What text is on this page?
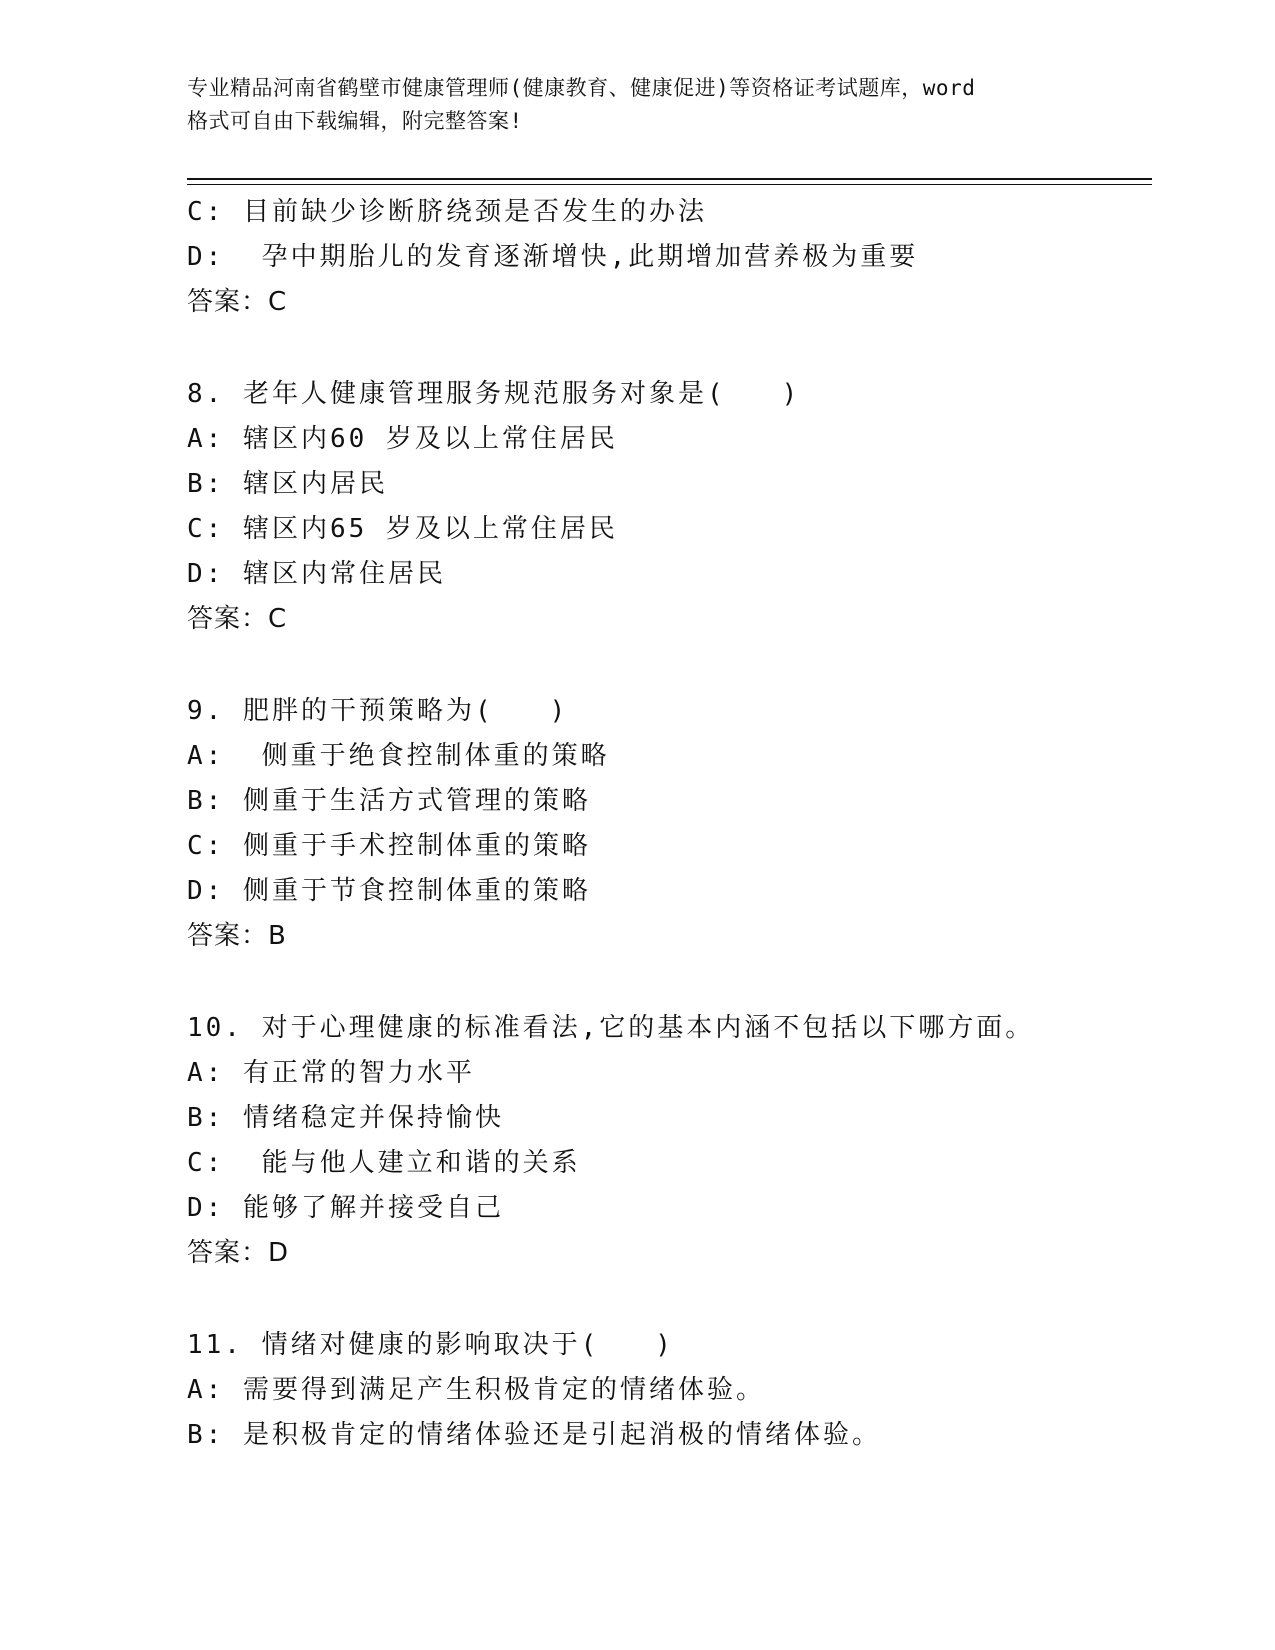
专业精品河南省鹤壁市健康管理师(健康教育、健康促进)等资格证考试题库，word
格式可自由下载编辑，附完整答案!
C: 目前缺少诊断脐绕颈是否发生的办法
D:  孕中期胎儿的发育逐渐增快,此期增加营养极为重要
答案：C
8. 老年人健康管理服务规范服务对象是(   )
A: 辖区内60 岁及以上常住居民
B: 辖区内居民
C: 辖区内65 岁及以上常住居民
D: 辖区内常住居民
答案：C
9. 肥胖的干预策略为(   )
A:  侧重于绝食控制体重的策略
B: 侧重于生活方式管理的策略
C: 侧重于手术控制体重的策略
D: 侧重于节食控制体重的策略
答案：B
10. 对于心理健康的标准看法,它的基本内涵不包括以下哪方面。
A: 有正常的智力水平
B: 情绪稳定并保持愉快
C:  能与他人建立和谐的关系
D: 能够了解并接受自己
答案：D
11. 情绪对健康的影响取决于(   )
A: 需要得到满足产生积极肯定的情绪体验。
B: 是积极肯定的情绪体验还是引起消极的情绪体验。
